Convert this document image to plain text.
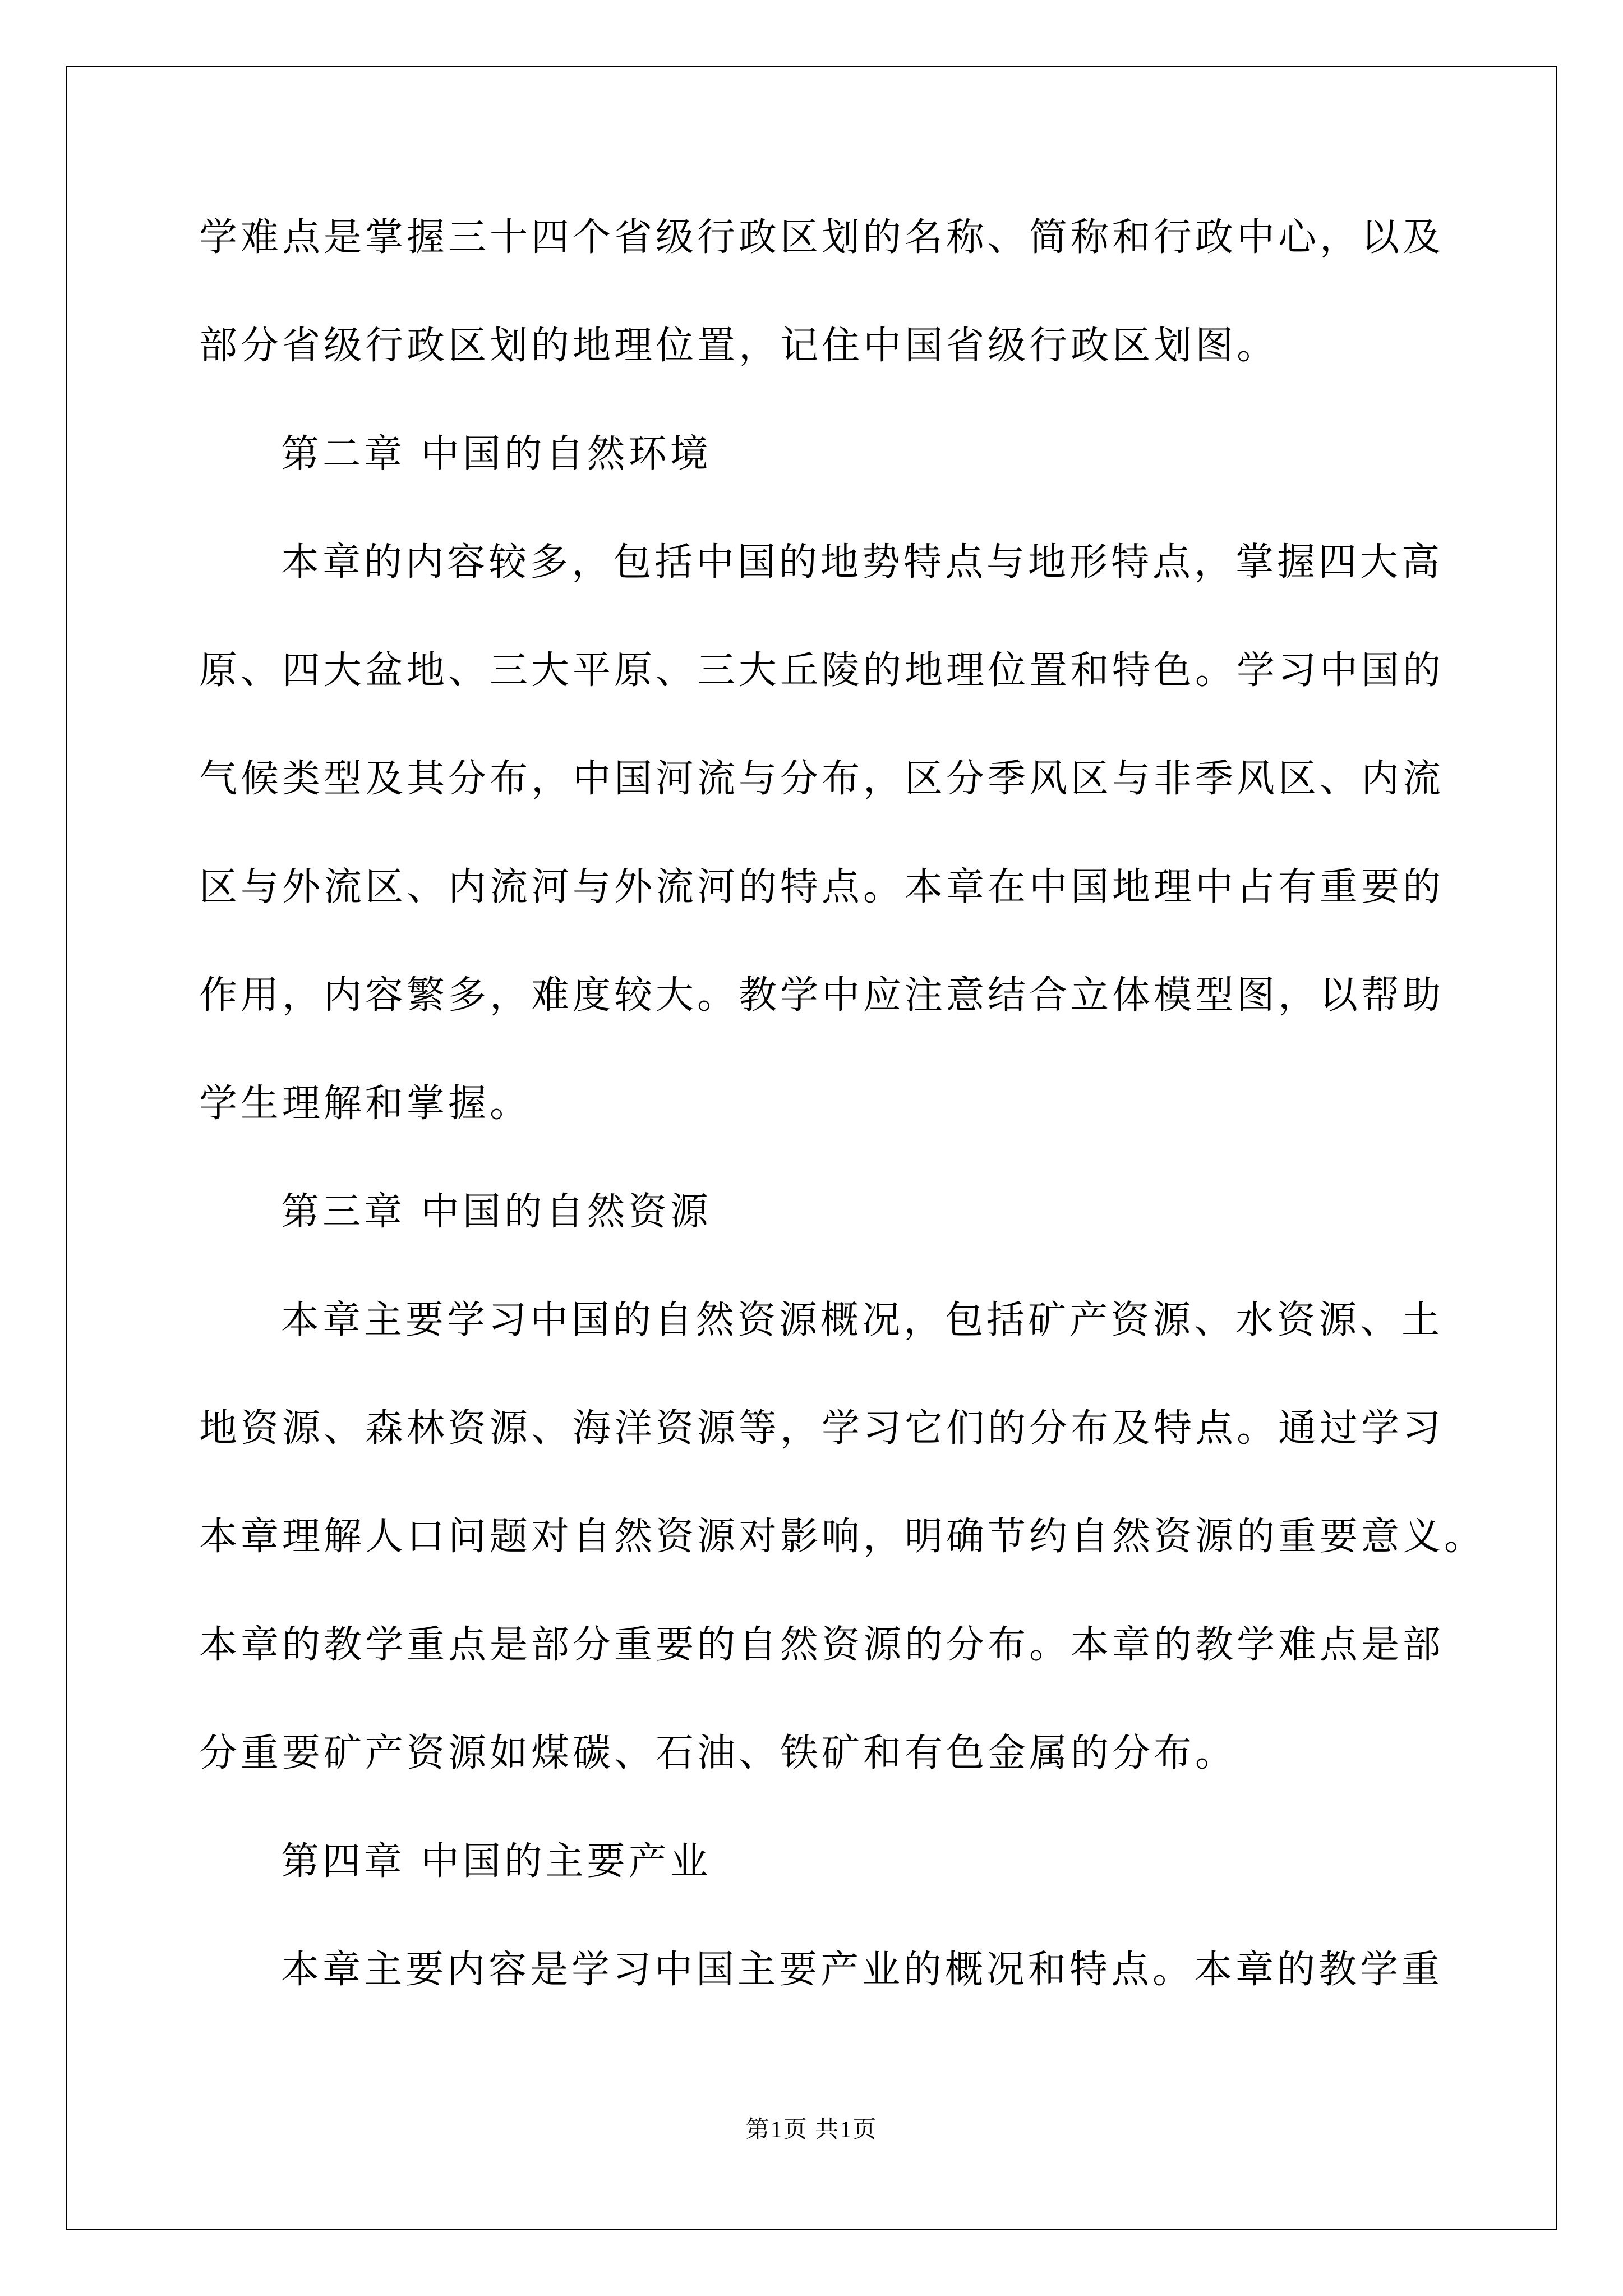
学难点是掌握三十四个省级行政区划的名称、简称和行政中心，以及

部分省级行政区划的地理位置，记住中国省级行政区划图。

第二章 中国的自然环境

本章的内容较多，包括中国的地势特点与地形特点，掌握四大高

原、四大盆地、三大平原、三大丘陵的地理位置和特色。学习中国的

气候类型及其分布，中国河流与分布，区分季风区与非季风区、内流

区与外流区、内流河与外流河的特点。本章在中国地理中占有重要的

作用，内容繁多，难度较大。教学中应注意结合立体模型图，以帮助

学生理解和掌握。

第三章 中国的自然资源

本章主要学习中国的自然资源概况，包括矿产资源、水资源、土

地资源、森林资源、海洋资源等，学习它们的分布及特点。通过学习

本章理解人口问题对自然资源对影响，明确节约自然资源的重要意义。

本章的教学重点是部分重要的自然资源的分布。本章的教学难点是部

分重要矿产资源如煤碳、石油、铁矿和有色金属的分布。

第四章 中国的主要产业

本章主要内容是学习中国主要产业的概况和特点。本章的教学重

第1页 共1页
